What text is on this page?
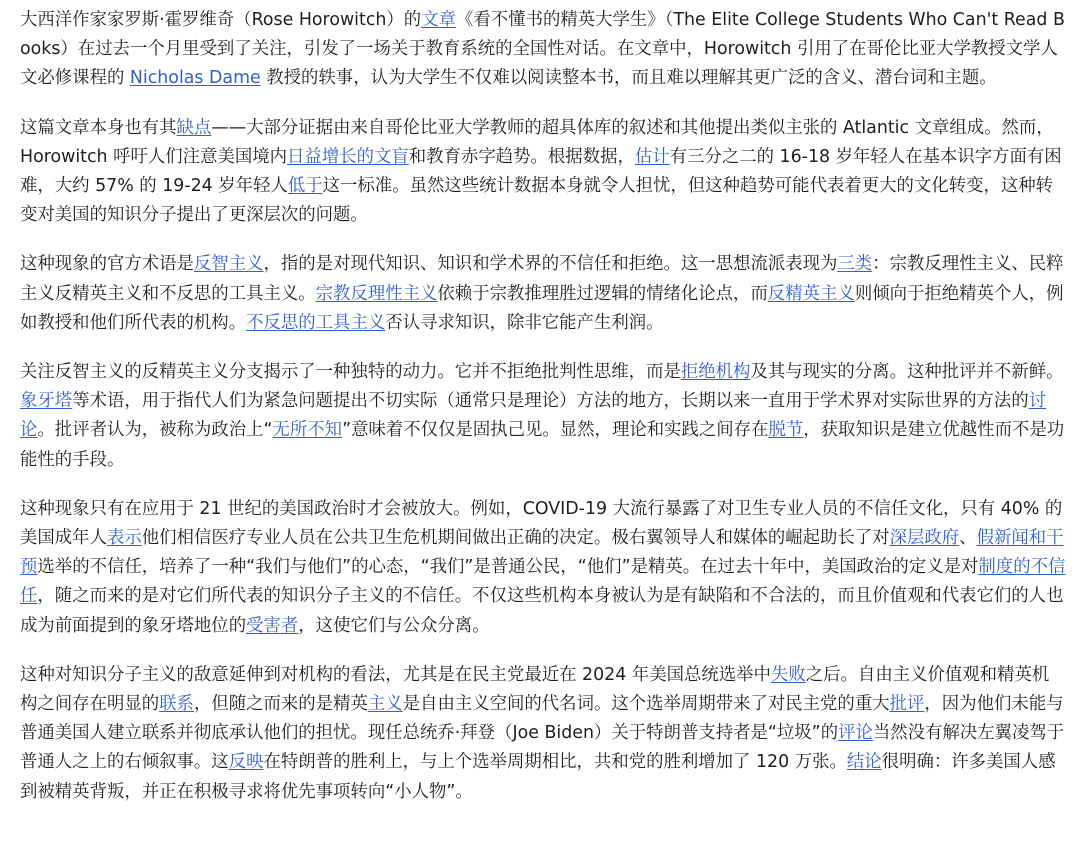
大西洋作家家罗斯·霍罗维奇（Rose Horowitch）的文章《看不懂书的精英大学生》（The Elite College Students Who Can't Read Books）在过去一个月里受到了关注，引发了一场关于教育系统的全国性对话。在文章中，Horowitch 引用了在哥伦比亚大学教授文学人文必修课程的 Nicholas Dame 教授的轶事，认为大学生不仅难以阅读整本书，而且难以理解其更广泛的含义、潜台词和主题。

这篇文章本身也有其缺点——大部分证据由来自哥伦比亚大学教师的超具体库的叙述和其他提出类似主张的 Atlantic 文章组成。然而，Horowitch 呼吁人们注意美国境内日益增长的文盲和教育赤字趋势。根据数据，估计有三分之二的 16-18 岁年轻人在基本识字方面有困难，大约 57% 的 19-24 岁年轻人低于这一标准。虽然这些统计数据本身就令人担忧，但这种趋势可能代表着更大的文化转变，这种转变对美国的知识分子提出了更深层次的问题。

这种现象的官方术语是反智主义，指的是对现代知识、知识和学术界的不信任和拒绝。这一思想流派表现为三类：宗教反理性主义、民粹主义反精英主义和不反思的工具主义。宗教反理性主义依赖于宗教推理胜过逻辑的情绪化论点，而反精英主义则倾向于拒绝精英个人，例如教授和他们所代表的机构。不反思的工具主义否认寻求知识，除非它能产生利润。

关注反智主义的反精英主义分支揭示了一种独特的动力。它并不拒绝批判性思维，而是拒绝机构及其与现实的分离。这种批评并不新鲜。象牙塔等术语，用于指代人们为紧急问题提出不切实际（通常只是理论）方法的地方，长期以来一直用于学术界对实际世界的方法的讨论。批评者认为，被称为政治上“无所不知”意味着不仅仅是固执己见。显然，理论和实践之间存在脱节，获取知识是建立优越性而不是功能性的手段。

这种现象只有在应用于 21 世纪的美国政治时才会被放大。例如，COVID-19 大流行暴露了对卫生专业人员的不信任文化，只有 40% 的美国成年人表示他们相信医疗专业人员在公共卫生危机期间做出正确的决定。极右翼领导人和媒体的崛起助长了对深层政府、假新闻和干预选举的不信任，培养了一种“我们与他们”的心态，“我们”是普通公民，“他们”是精英。在过去十年中，美国政治的定义是对制度的不信任，随之而来的是对它们所代表的知识分子主义的不信任。不仅这些机构本身被认为是有缺陷和不合法的，而且价值观和代表它们的人也成为前面提到的象牙塔地位的受害者，这使它们与公众分离。

这种对知识分子主义的敌意延伸到对机构的看法，尤其是在民主党最近在 2024 年美国总统选举中失败之后。自由主义价值观和精英机构之间存在明显的联系，但随之而来的是精英主义是自由主义空间的代名词。这个选举周期带来了对民主党的重大批评，因为他们未能与普通美国人建立联系并彻底承认他们的担忧。现任总统乔·拜登（Joe Biden）关于特朗普支持者是“垃圾”的评论当然没有解决左翼凌驾于普通人之上的右倾叙事。这反映在特朗普的胜利上，与上个选举周期相比，共和党的胜利增加了 120 万张。结论很明确：许多美国人感到被精英背叛，并正在积极寻求将优先事项转向“小人物”。
